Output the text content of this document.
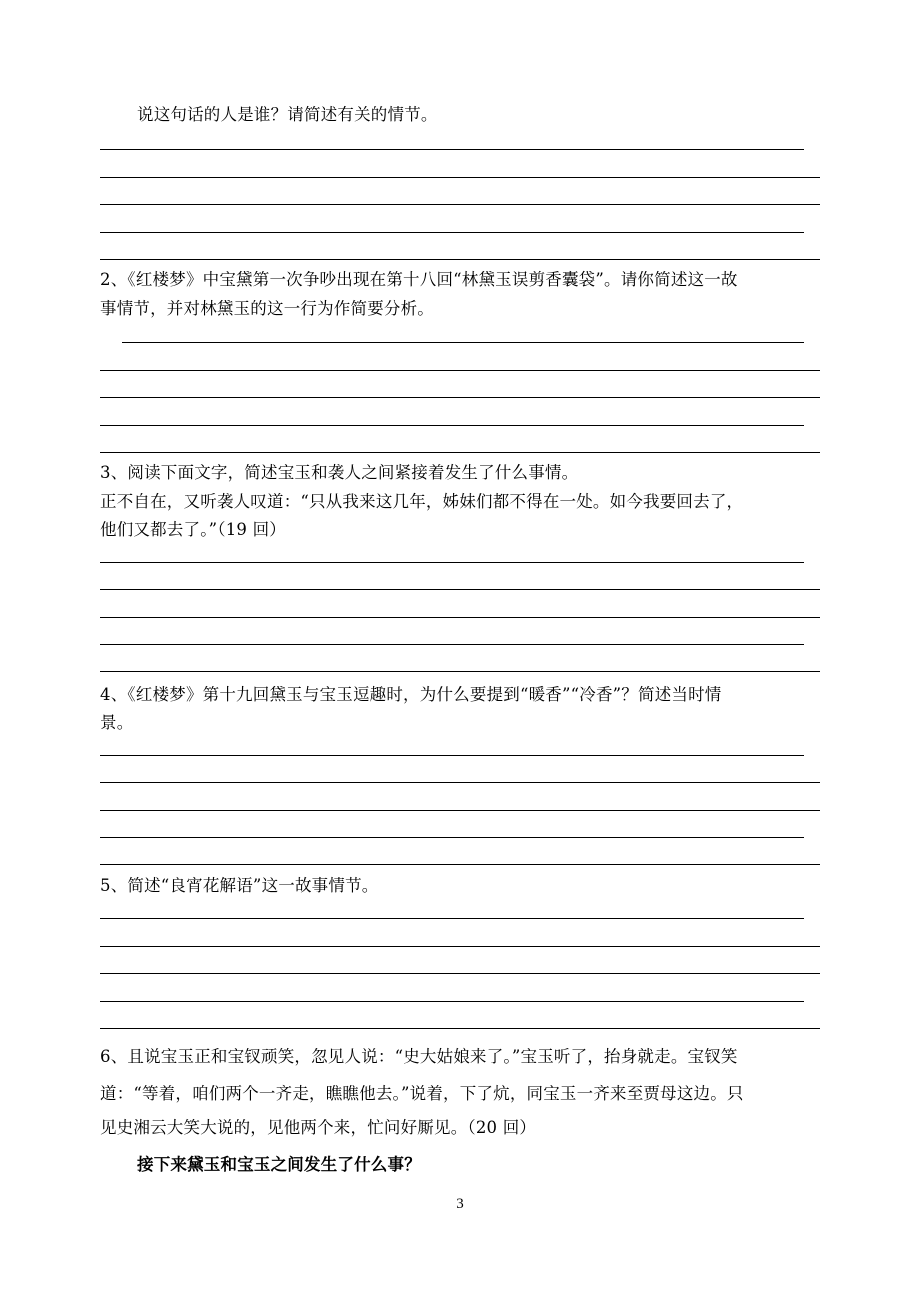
说这句话的人是谁？请简述有关的情节。
2、《红楼梦》中宝黛第一次争吵出现在第十八回“林黛玉误剪香囊袋”。请你简述这一故
事情节，并对林黛玉的这一行为作简要分析。
3、阅读下面文字，简述宝玉和袭人之间紧接着发生了什么事情。
正不自在，又听袭人叹道：“只从我来这几年，姊妹们都不得在一处。如今我要回去了，
他们又都去了。”（19 回）
4、《红楼梦》第十九回黛玉与宝玉逗趣时，为什么要提到“暖香”“冷香”？简述当时情
景。
5、简述“良宵花解语”这一故事情节。
6、且说宝玉正和宝钗顽笑，忽见人说：“史大姑娘来了。”宝玉听了，抬身就走。宝钗笑
道：“等着，咱们两个一齐走，瞧瞧他去。”说着，下了炕，同宝玉一齐来至贾母这边。只
见史湘云大笑大说的，见他两个来，忙问好厮见。（20 回）
接下来黛玉和宝玉之间发生了什么事？
3
